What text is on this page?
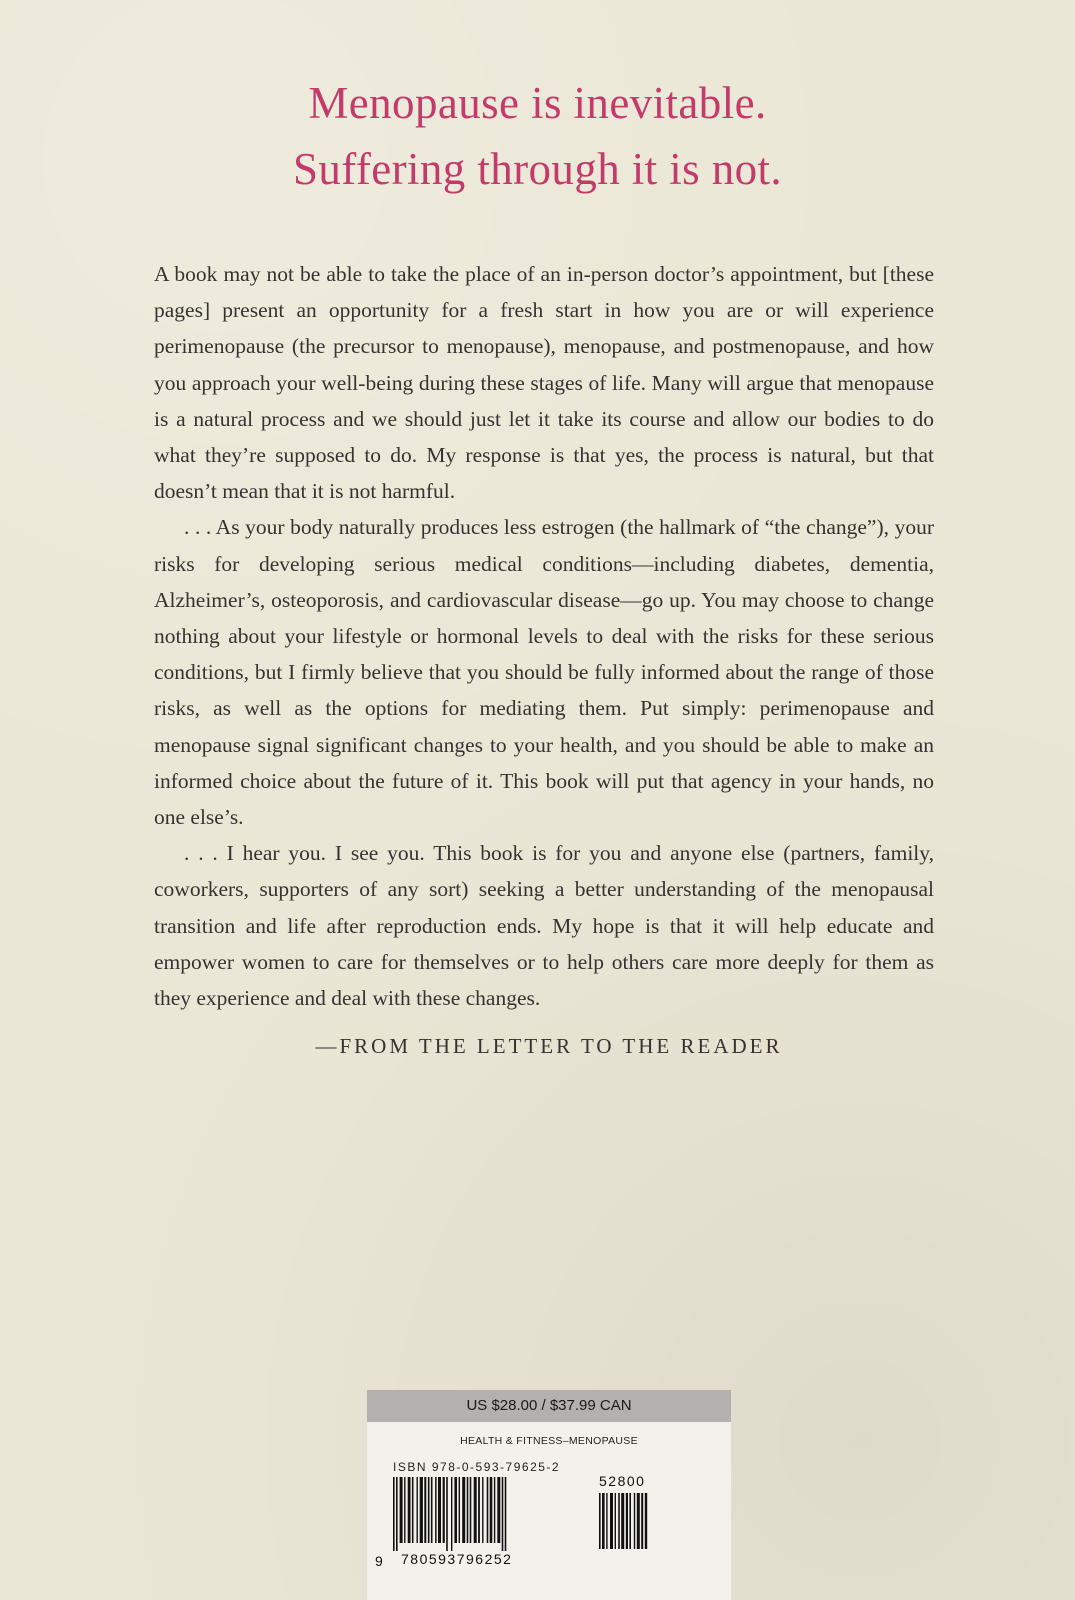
Menopause is inevitable.
Suffering through it is not.

A book may not be able to take the place of an in-person doctor’s appointment, but [these pages] present an opportunity for a fresh start in how you are or will experience perimenopause (the precursor to menopause), menopause, and postmenopause, and how you approach your well-being during these stages of life. Many will argue that menopause is a natural process and we should just let it take its course and allow our bodies to do what they’re supposed to do. My response is that yes, the process is natural, but that doesn’t mean that it is not harmful.

. . . As your body naturally produces less estrogen (the hallmark of “the change”), your risks for developing serious medical conditions—including diabetes, dementia, Alzheimer’s, osteoporosis, and cardiovascular disease—go up. You may choose to change nothing about your lifestyle or hormonal levels to deal with the risks for these serious conditions, but I firmly believe that you should be fully informed about the range of those risks, as well as the options for mediating them. Put simply: perimenopause and menopause signal significant changes to your health, and you should be able to make an informed choice about the future of it. This book will put that agency in your hands, no one else’s.

. . . I hear you. I see you. This book is for you and anyone else (partners, family, coworkers, supporters of any sort) seeking a better understanding of the menopausal transition and life after reproduction ends. My hope is that it will help educate and empower women to care for themselves or to help others care more deeply for them as they experience and deal with these changes.

—FROM THE LETTER TO THE READER
US $28.00 / $37.99 CAN
HEALTH & FITNESS–MENOPAUSE
ISBN 978-0-593-79625-2
9 780593796252
52800
